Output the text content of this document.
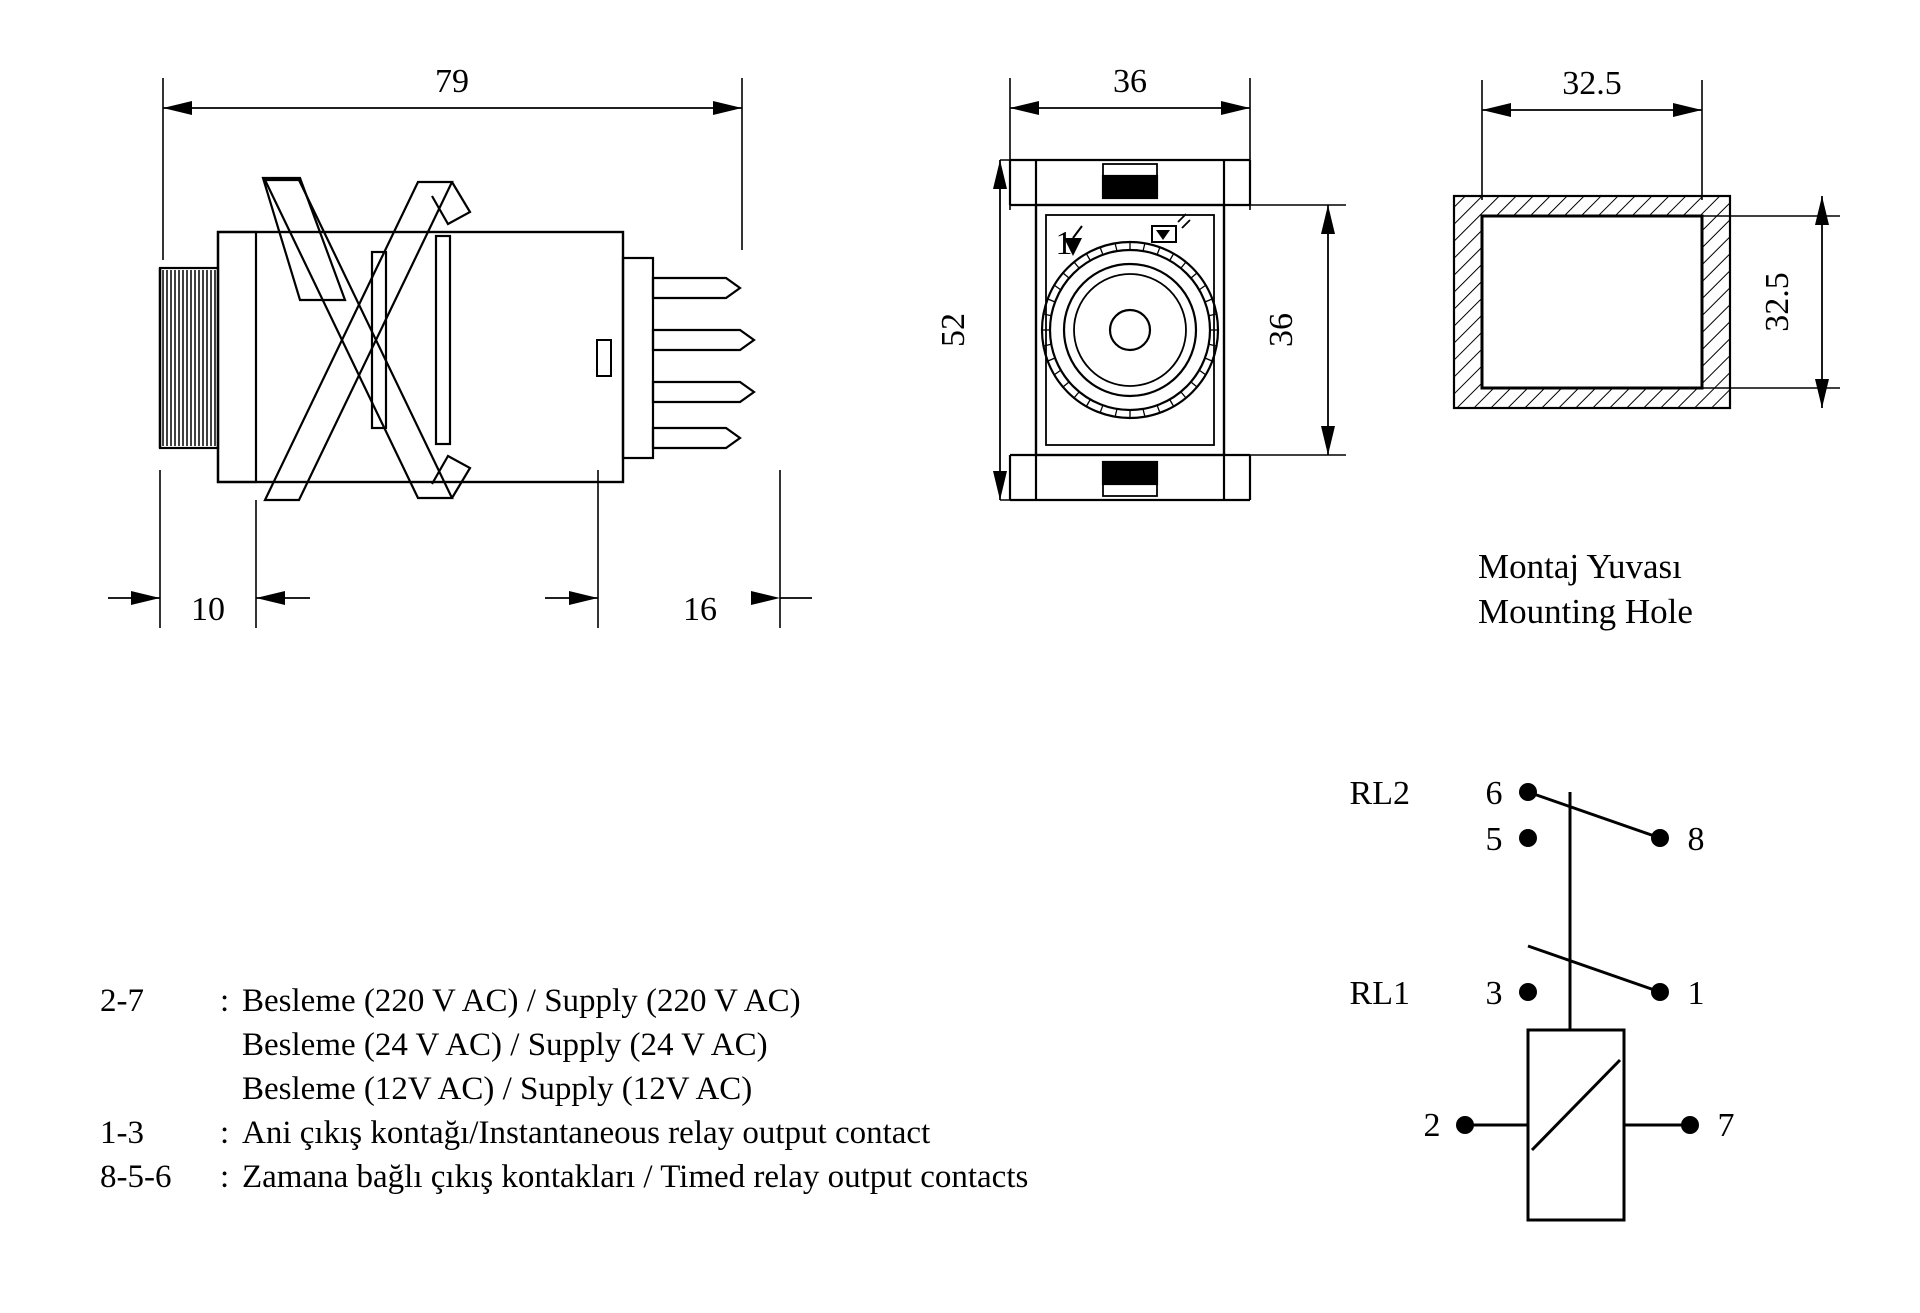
79
10	16
36
52	36
1
32.5
32.5
Montaj Yuvası
Mounting Hole
2-7	: Besleme (220 V AC) / Supply (220 V AC)
Besleme (24 V AC) / Supply (24 V AC)
Besleme (12V AC) / Supply (12V AC)
1-3	: Ani çıkış kontağı/Instantaneous relay output contact
8-5-6	: Zamana bağlı çıkış kontakları / Timed relay output contacts
6
5	8
3	1
2	7
RL2
RL1
